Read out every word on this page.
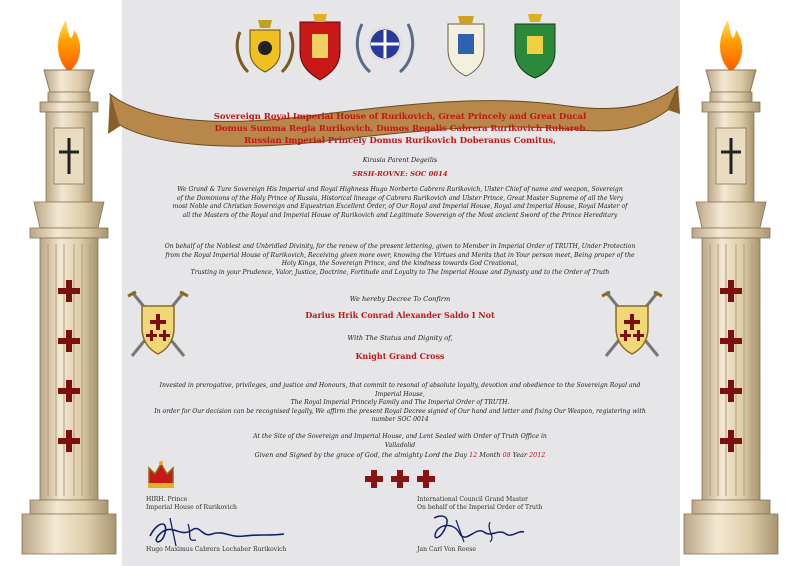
Sovereign Royal Imperial House of Rurikovich, Great Princely and Great Ducal
Domus Summa Regia Rurikovich, Dumos Regalis Cabrera Rurikovich Ruhareb
Russian Imperial Princely Domus Rurikovich Doberanus Comitus,
Kirasia Parent Degeilis
SRSH-ROVNE: SOC 0014
We Grand & Ture Sovereign His Imperial and Royal Highness Hugo Norberto Cabrera Rurikovich, Ulster Chief of name and weapon, Sovereign
of the Dominions of the Holy Prince of Russia, Historical lineage of Cabrera Rurikovich and Ulster Prince, Great Master Supreme of all the Very
most Noble and Christian Sovereign and Equestrian Excellent Order, of Our Royal and Imperial House, Royal and Imperial House, Royal Master of
all the Masters of the Royal and Imperial House of Rurikovich and Legitimate Sovereign of the Most ancient Sword of the Prince Hereditary
On behalf of the Noblest and Unbridled Divinity, for the renew of the present lettering, given to Member in Imperial Order of TRUTH, Under Protection
from the Royal Imperial House of Rurikovich, Receiving given more over, knowing the Virtues and Merits that in Your person meet, Being proper of the
Holy Kings, the Sovereign Prince, and the kindness towards God Creational,
Trusting in your Prudence, Valor, Justice, Doctrine, Fortitude and Loyalty to The Imperial House and Dynasty and to the Order of Truth
We hereby Decree To Confirm
Darius Hrik Conrad Alexander Saldo I Not
With The Status and Dignity of,
Knight Grand Cross
Invested in prerogative, privileges, and justice and Honours, that commit to resonal of absolute loyalty, devotion and obedience to the Sovereign Royal and Imperial House,
The Royal Imperial Princely Family and The Imperial Order of TRUTH.
In order for Our decision can be recognised legally, We affirm the present Royal Decree signed of Our hand and letter and fixing Our Weapon, registering with
number SOC 0014
At the Site of the Sovereign and Imperial House, and Lent Sealed with Order of Truth Office in
Valladolid
Given and Signed by the grace of God, the almighty Lord the Day 12 Month 08 Year 2012
HIRH. Prince
Imperial House of Rurikovich
Hugo Maximus Cabrera Lochaber Rurikovich
International Council Grand Master
On behalf of the Imperial Order of Truth
Jan Carl Von Reese
